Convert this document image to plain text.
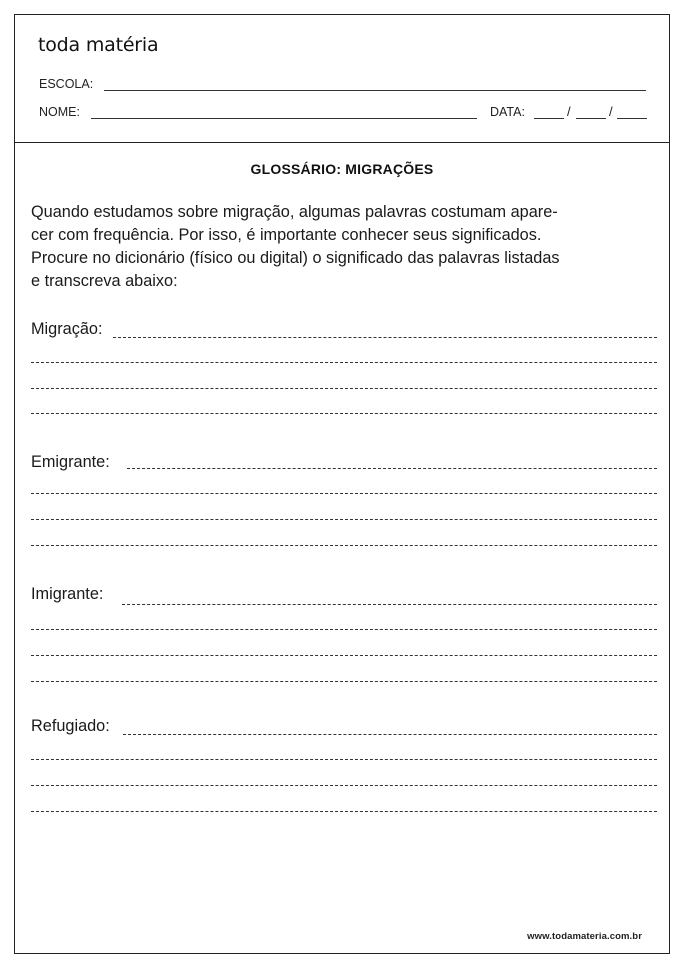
toda matéria
ESCOLA:
NOME:	DATA:	/	/
GLOSSÁRIO: MIGRAÇÕES
Quando estudamos sobre migração, algumas palavras costumam apare-
cer com frequência. Por isso, é importante conhecer seus significados.
Procure no dicionário (físico ou digital) o significado das palavras listadas
e transcreva abaixo:
Migração:
Emigrante:
Imigrante:
Refugiado:
www.todamateria.com.br
